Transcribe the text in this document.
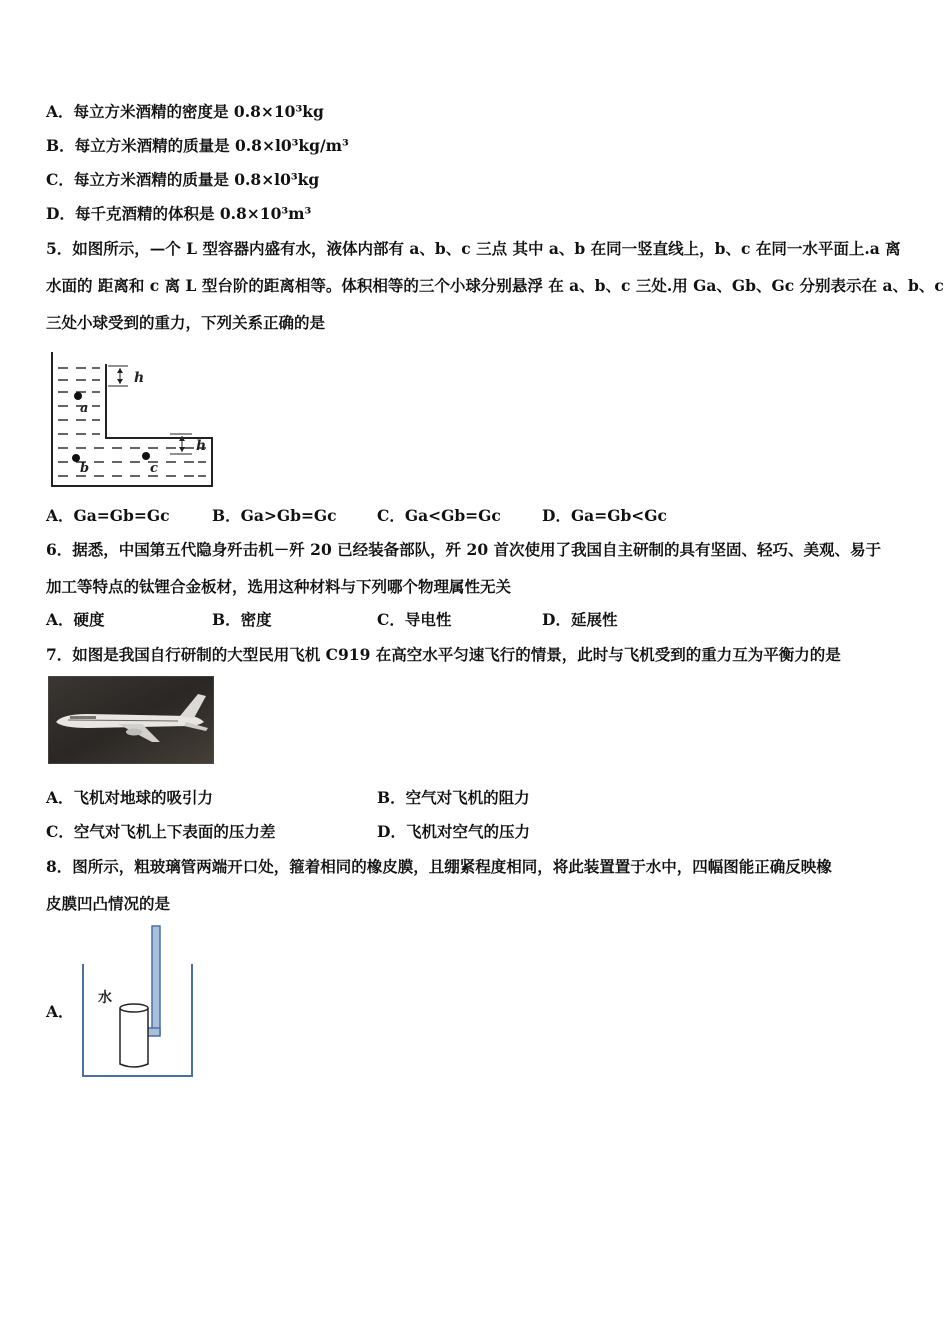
A．每立方米酒精的密度是 0.8×10³kg
B．每立方米酒精的质量是 0.8×l0³kg/m³
C．每立方米酒精的质量是 0.8×l0³kg
D．每千克酒精的体积是 0.8×10³m³
5．如图所示，—个 L 型容器内盛有水，液体内部有 a、b、c 三点 其中 a、b 在同一竖直线上，b、c 在同一水平面上.a 离
水面的 距离和 c 离 L 型台阶的距离相等。体积相等的三个小球分别悬浮 在 a、b、c 三处.用 Ga、Gb、Gc 分别表示在 a、b、c
三处小球受到的重力，下列关系正确的是
a
b	c
h
h
A．Ga=Gb=Gc	B．Ga>Gb=Gc	C．Ga<Gb=Gc	D．Ga=Gb<Gc
6．据悉，中国第五代隐身歼击机－歼 20 已经装备部队，歼 20 首次使用了我国自主研制的具有坚固、轻巧、美观、易于
加工等特点的钛锂合金板材，选用这种材料与下列哪个物理属性无关
A．硬度	B．密度	C．导电性	D．延展性
7．如图是我国自行研制的大型民用飞机 C919 在高空水平匀速飞行的情景，此时与飞机受到的重力互为平衡力的是
A．飞机对地球的吸引力	B．空气对飞机的阻力
C．空气对飞机上下表面的压力差	D．飞机对空气的压力
8．图所示，粗玻璃管两端开口处，箍着相同的橡皮膜，且绷紧程度相同，将此装置置于水中，四幅图能正确反映橡
皮膜凹凸情况的是
A．
水
